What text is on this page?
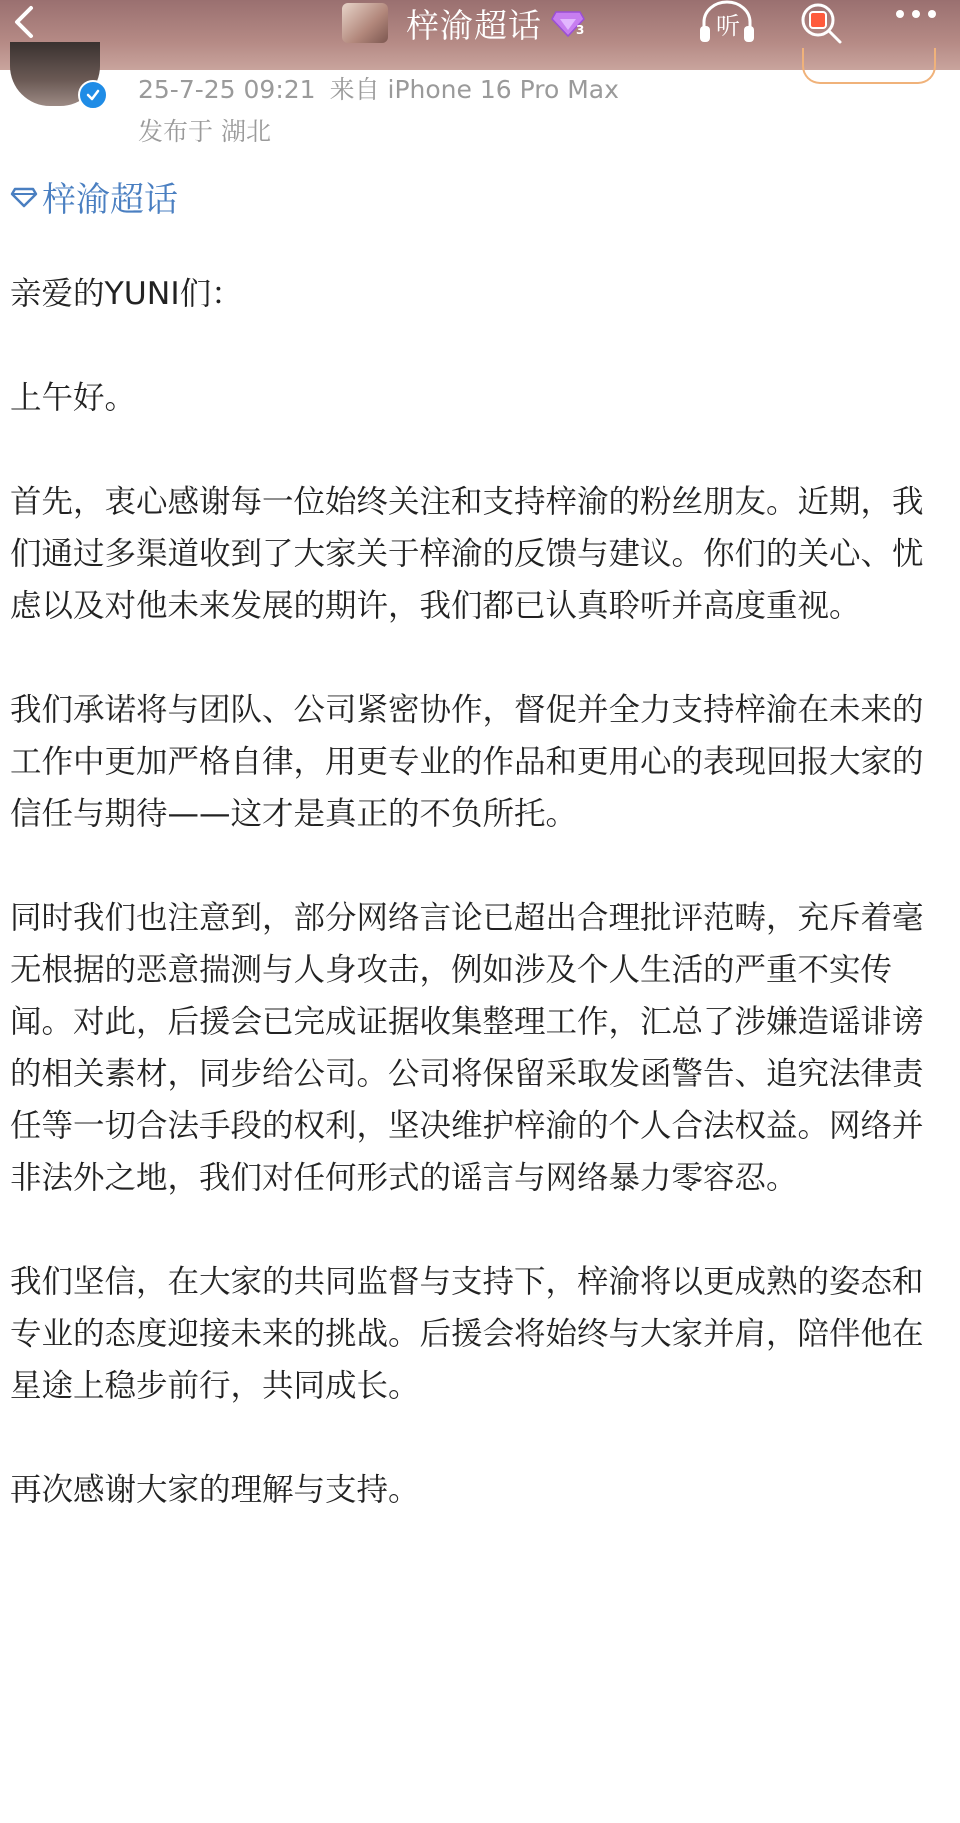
梓渝超话	3	听
25-7-25 09:21 来自 iPhone 16 Pro Max
发布于 湖北
梓渝超话

亲爱的YUNI们：

上午好。

首先，衷心感谢每一位始终关注和支持梓渝的粉丝朋友。近期，我们通过多渠道收到了大家关于梓渝的反馈与建议。你们的关心、忧虑以及对他未来发展的期许，我们都已认真聆听并高度重视。

我们承诺将与团队、公司紧密协作，督促并全力支持梓渝在未来的工作中更加严格自律，用更专业的作品和更用心的表现回报大家的信任与期待——这才是真正的不负所托。

同时我们也注意到，部分网络言论已超出合理批评范畴，充斥着毫无根据的恶意揣测与人身攻击，例如涉及个人生活的严重不实传闻。对此，后援会已完成证据收集整理工作，汇总了涉嫌造谣诽谤的相关素材，同步给公司。公司将保留采取发函警告、追究法律责任等一切合法手段的权利，坚决维护梓渝的个人合法权益。网络并非法外之地，我们对任何形式的谣言与网络暴力零容忍。

我们坚信，在大家的共同监督与支持下，梓渝将以更成熟的姿态和专业的态度迎接未来的挑战。后援会将始终与大家并肩，陪伴他在星途上稳步前行，共同成长。

再次感谢大家的理解与支持。
